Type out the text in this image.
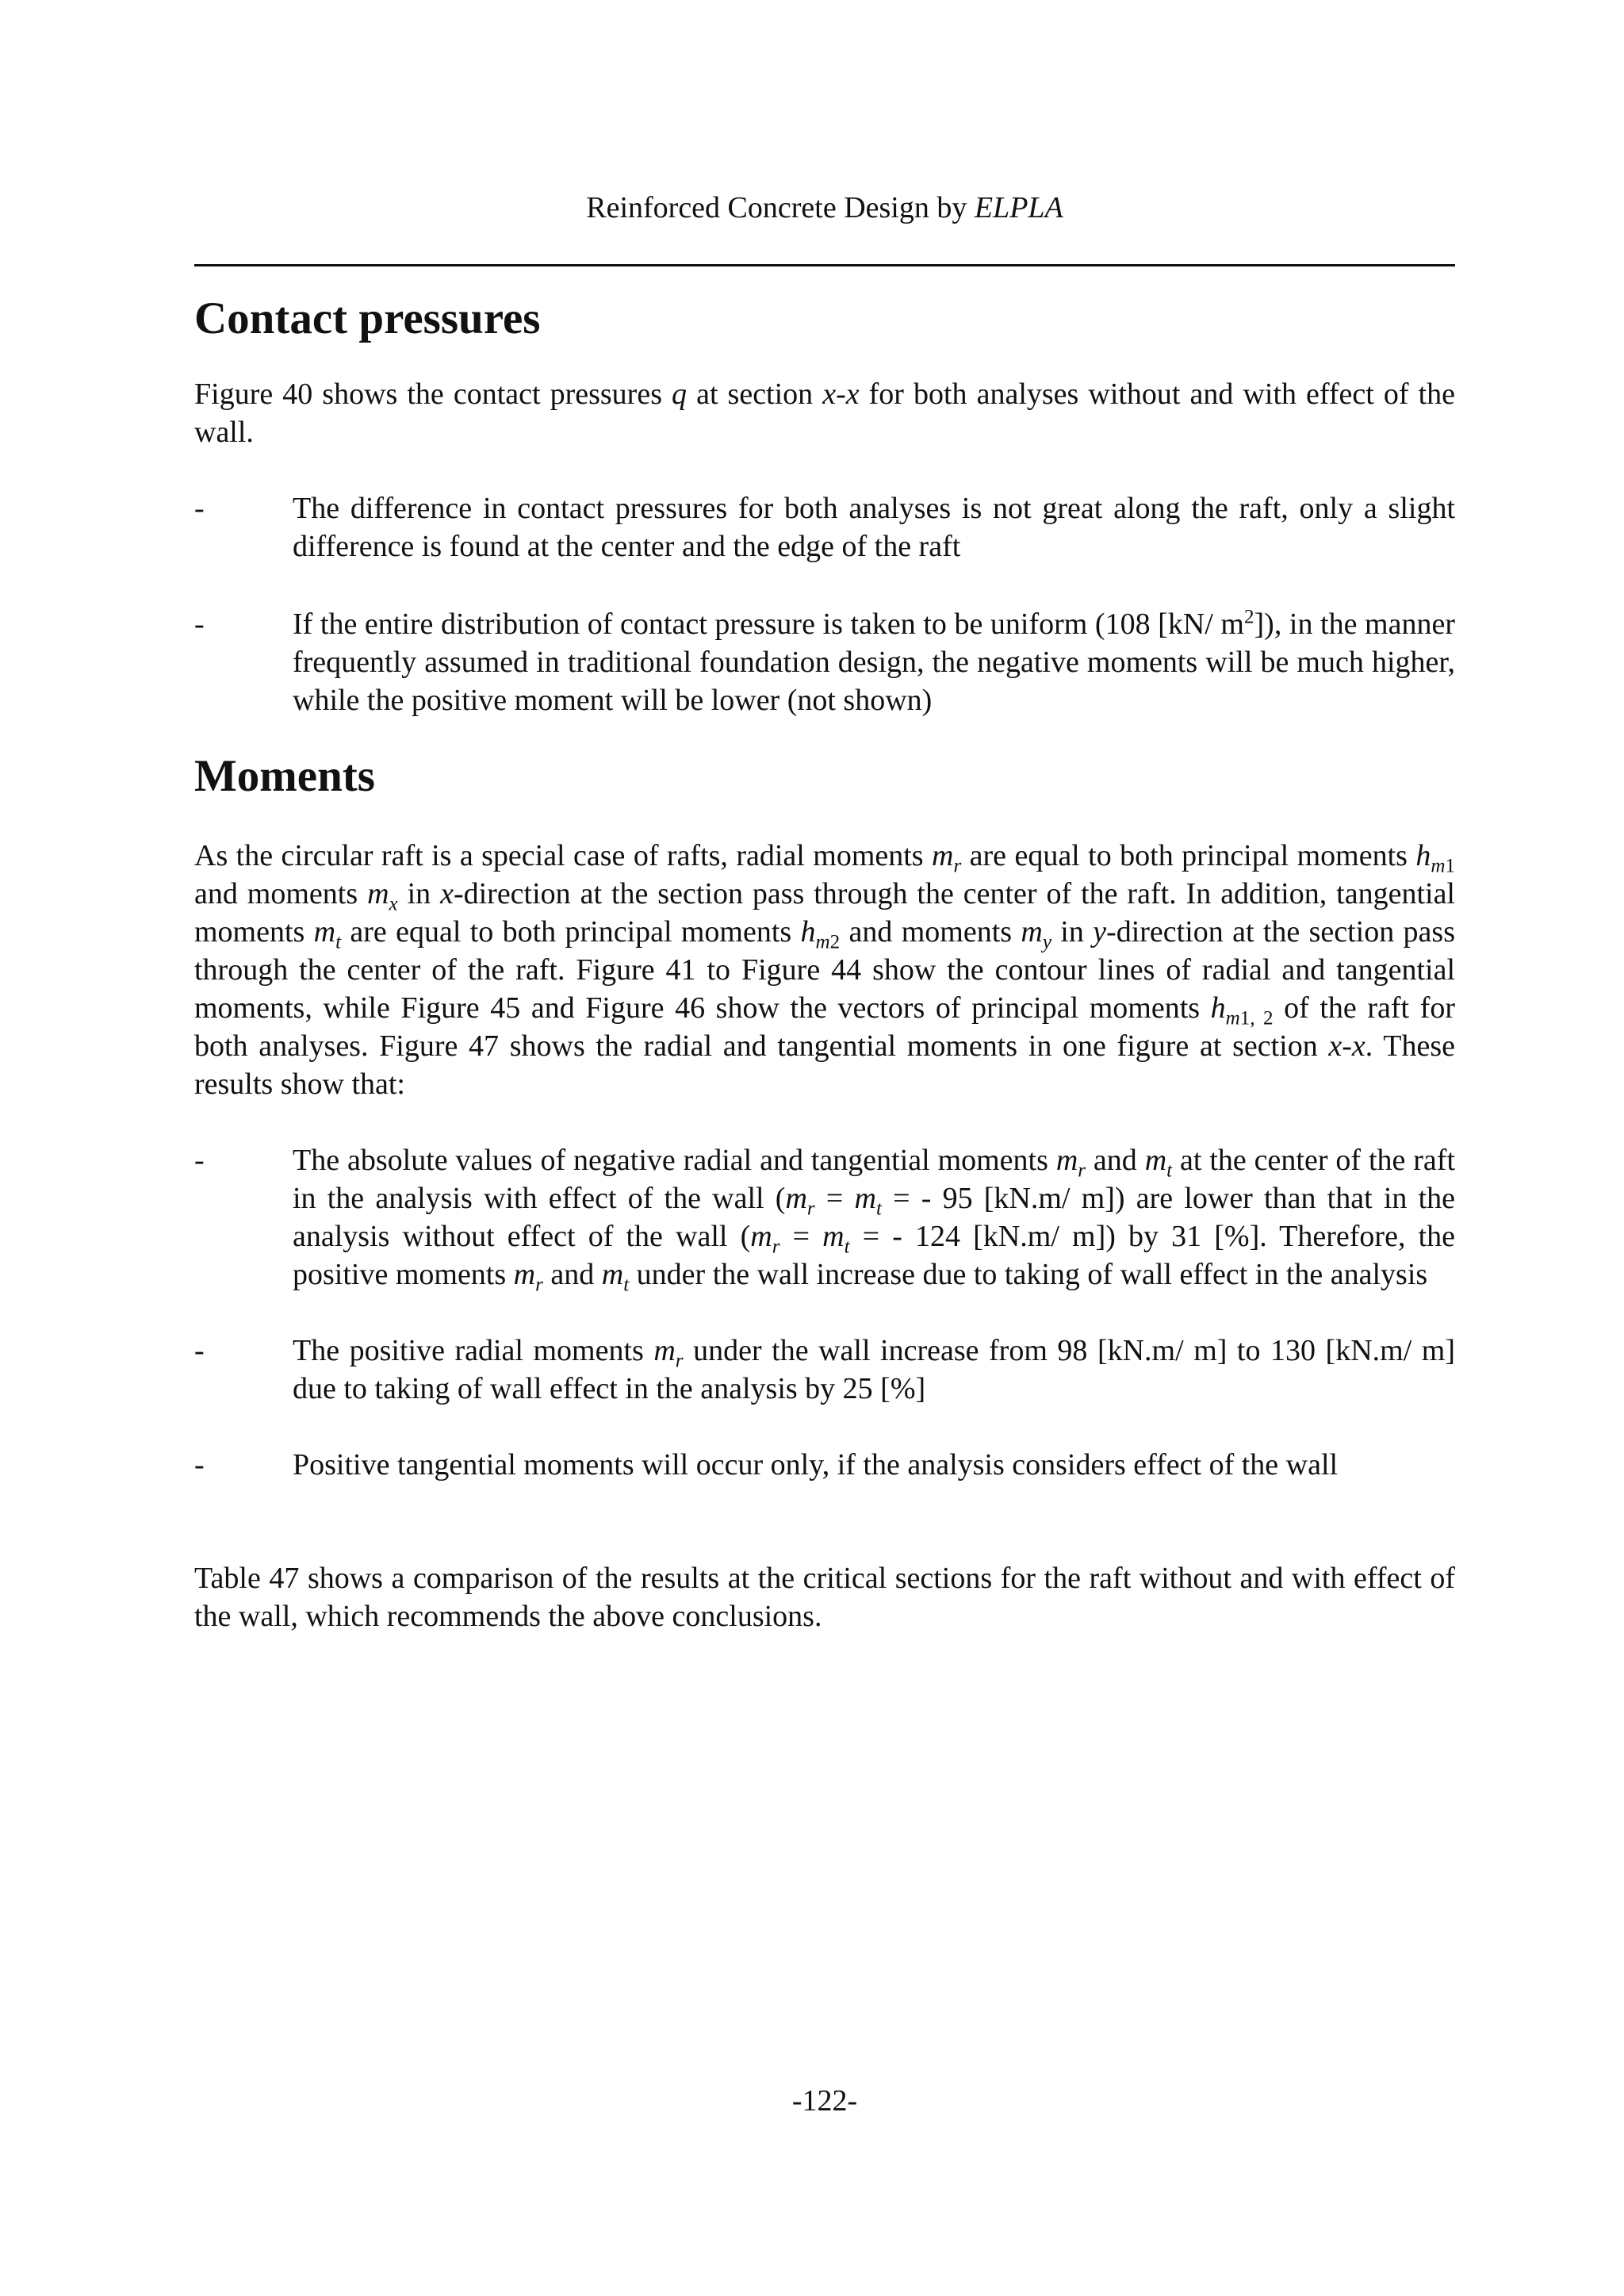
Reinforced Concrete Design by ELPLA
Contact pressures

Figure 40 shows the contact pressures q at section x-x for both analyses without and with effect of the wall.

-	The difference in contact pressures for both analyses is not great along the raft, only a slight difference is found at the center and the edge of the raft
-	If the entire distribution of contact pressure is taken to be uniform (108 [kN/ $m^2$]), in the manner frequently assumed in traditional foundation design, the negative moments will be much higher, while the positive moment will be lower (not shown)
Moments

As the circular raft is a special case of rafts, radial moments $m_r$ are equal to both principal moments $h_{m1}$ and moments $m_x$ in x-direction at the section pass through the center of the raft. In addition, tangential moments $m_t$ are equal to both principal moments $h_{m2}$ and moments $m_y$ in y-direction at the section pass through the center of the raft. Figure 41 to Figure 44 show the contour lines of radial and tangential moments, while Figure 45 and Figure 46 show the vectors of principal moments $h_{m1, 2}$ of the raft for both analyses. Figure 47 shows the radial and tangential moments in one figure at section x-x. These results show that:

-	The absolute values of negative radial and tangential moments $m_r$ and $m_t$ at the center of the raft in the analysis with effect of the wall ($m_r = m_t$ = - 95 [kN.m/ m]) are lower than that in the analysis without effect of the wall ($m_r = m_t$ = - 124 [kN.m/ m]) by 31 [%]. Therefore, the positive moments $m_r$ and $m_t$ under the wall increase due to taking of wall effect in the analysis
-	The positive radial moments $m_r$ under the wall increase from 98 [kN.m/ m] to 130 [kN.m/ m] due to taking of wall effect in the analysis by 25 [%]
-	Positive tangential moments will occur only, if the analysis considers effect of the wall

Table 47 shows a comparison of the results at the critical sections for the raft without and with effect of the wall, which recommends the above conclusions.

-122-
